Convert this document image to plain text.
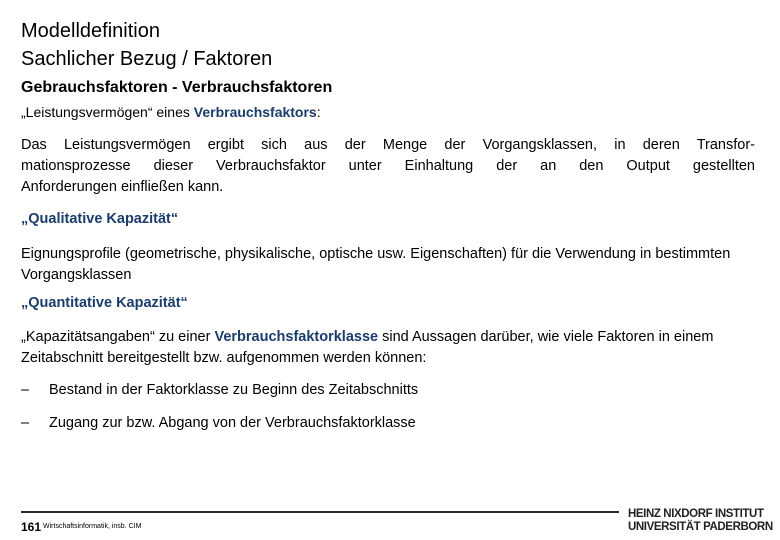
Modelldefinition
Sachlicher Bezug / Faktoren
Gebrauchsfaktoren - Verbrauchsfaktoren
„Leistungsvermögen“ eines Verbrauchsfaktors:
Das Leistungsvermögen ergibt sich aus der Menge der Vorgangsklassen, in deren Transfor-
mationsprozesse dieser Verbrauchsfaktor unter Einhaltung der an den Output gestellten
Anforderungen einfließen kann.
„Qualitative Kapazität“
Eignungsprofile (geometrische, physikalische, optische usw. Eigenschaften) für die Verwendung in bestimmten Vorgangsklassen
„Quantitative Kapazität“
„Kapazitätsangaben“ zu einer Verbrauchsfaktorklasse sind Aussagen darüber, wie viele Faktoren in einem Zeitabschnitt bereitgestellt bzw. aufgenommen werden können:
–	Bestand in der Faktorklasse zu Beginn des Zeitabschnitts
–	Zugang zur bzw. Abgang von der Verbrauchsfaktorklasse
161 Wirtschaftsinformatik, insb. CIM
HEINZ NIXDORF INSTITUT
UNIVERSITÄT PADERBORN
